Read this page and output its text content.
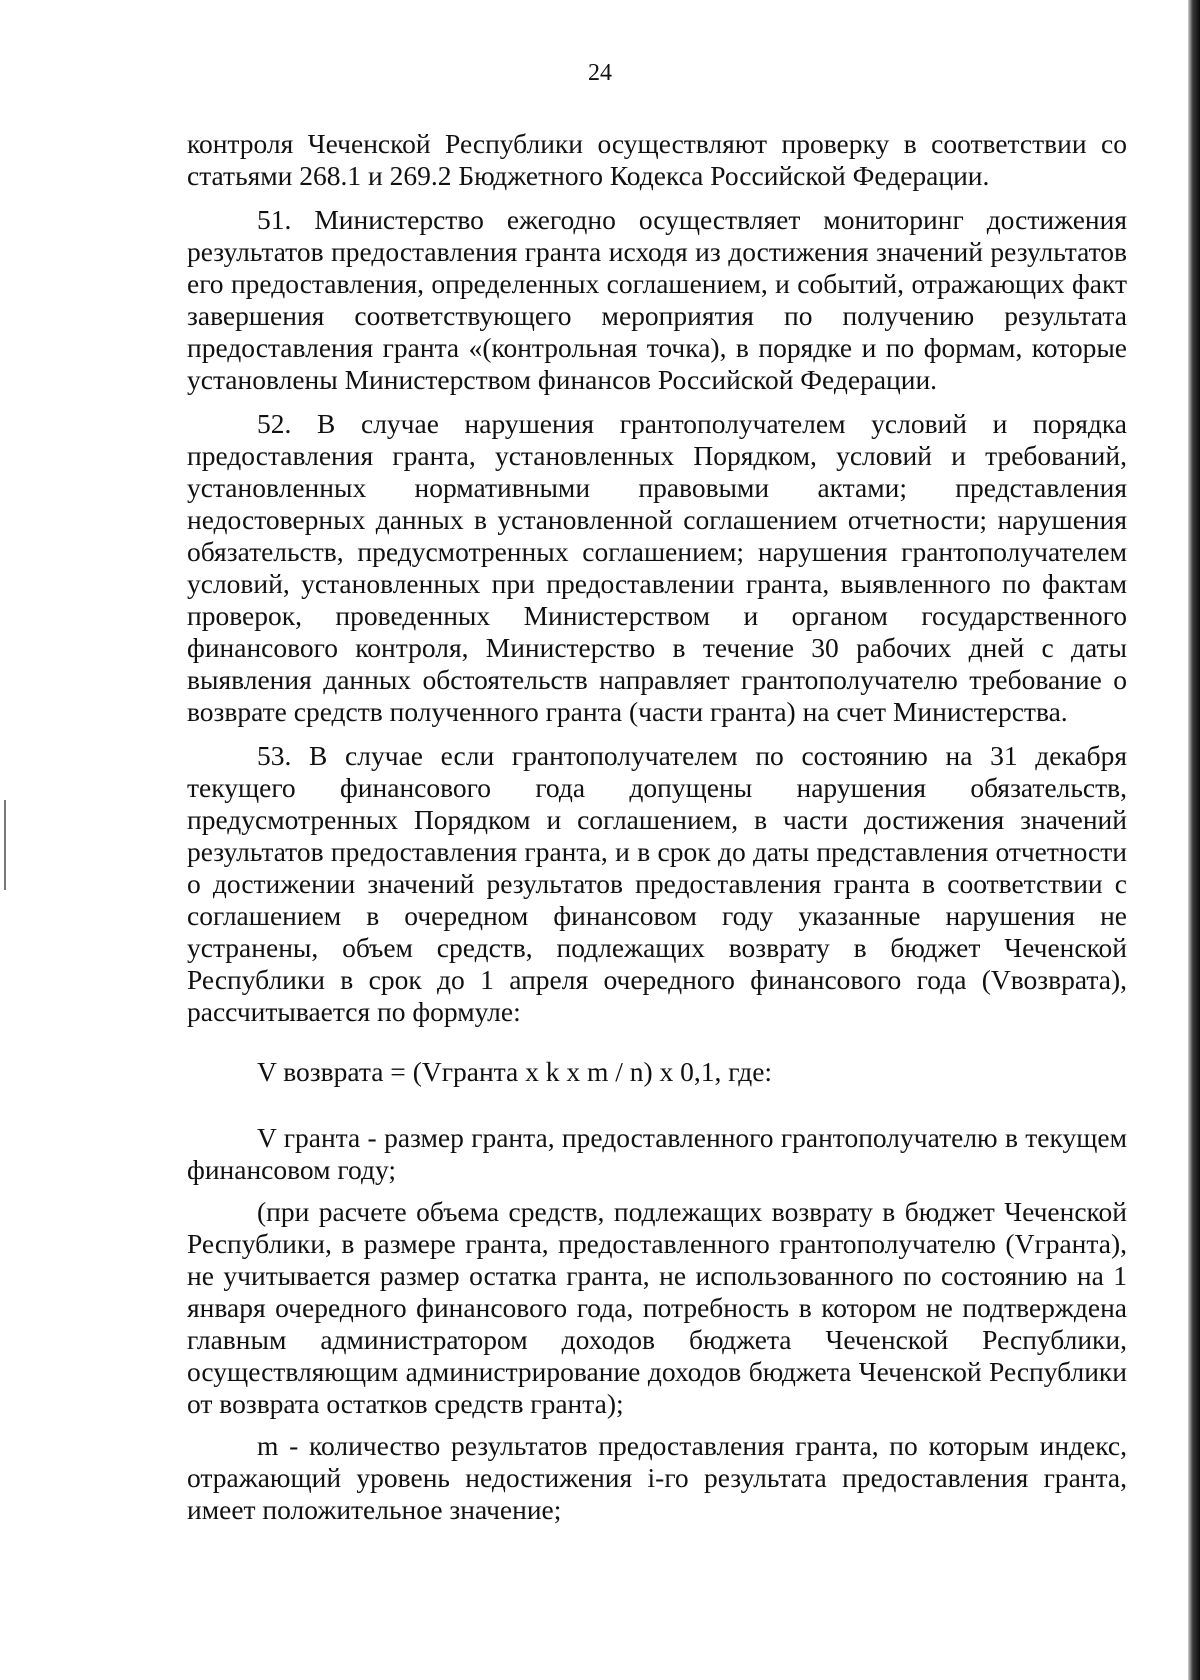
24

контроля Чеченской Республики осуществляют проверку в соответствии со статьями 268.1 и 269.2 Бюджетного Кодекса Российской Федерации.

51. Министерство ежегодно осуществляет мониторинг достижения результатов предоставления гранта исходя из достижения значений результатов его предоставления, определенных соглашением, и событий, отражающих факт завершения соответствующего мероприятия по получению результата предоставления гранта «(контрольная точка), в порядке и по формам, которые установлены Министерством финансов Российской Федерации.

52. В случае нарушения грантополучателем условий и порядка предоставления гранта, установленных Порядком, условий и требований, установленных нормативными правовыми актами; представления недостоверных данных в установленной соглашением отчетности; нарушения обязательств, предусмотренных соглашением; нарушения грантополучателем условий, установленных при предоставлении гранта, выявленного по фактам проверок, проведенных Министерством и органом государственного финансового контроля, Министерство в течение 30 рабочих дней с даты выявления данных обстоятельств направляет грантополучателю требование о возврате средств полученного гранта (части гранта) на счет Министерства.

53. В случае если грантополучателем по состоянию на 31 декабря текущего финансового года допущены нарушения обязательств, предусмотренных Порядком и соглашением, в части достижения значений результатов предоставления гранта, и в срок до даты представления отчетности о достижении значений результатов предоставления гранта в соответствии с соглашением в очередном финансовом году указанные нарушения не устранены, объем средств, подлежащих возврату в бюджет Чеченской Республики в срок до 1 апреля очередного финансового года (Vвозврата), рассчитывается по формуле:

V возврата = (Vгранта x k x m / n) x 0,1, где:

V гранта - размер гранта, предоставленного грантополучателю в текущем финансовом году;

(при расчете объема средств, подлежащих возврату в бюджет Чеченской Республики, в размере гранта, предоставленного грантополучателю (Vгранта), не учитывается размер остатка гранта, не использованного по состоянию на 1 января очередного финансового года, потребность в котором не подтверждена главным администратором доходов бюджета Чеченской Республики, осуществляющим администрирование доходов бюджета Чеченской Республики от возврата остатков средств гранта);

m - количество результатов предоставления гранта, по которым индекс, отражающий уровень недостижения i-го результата предоставления гранта, имеет положительное значение;
